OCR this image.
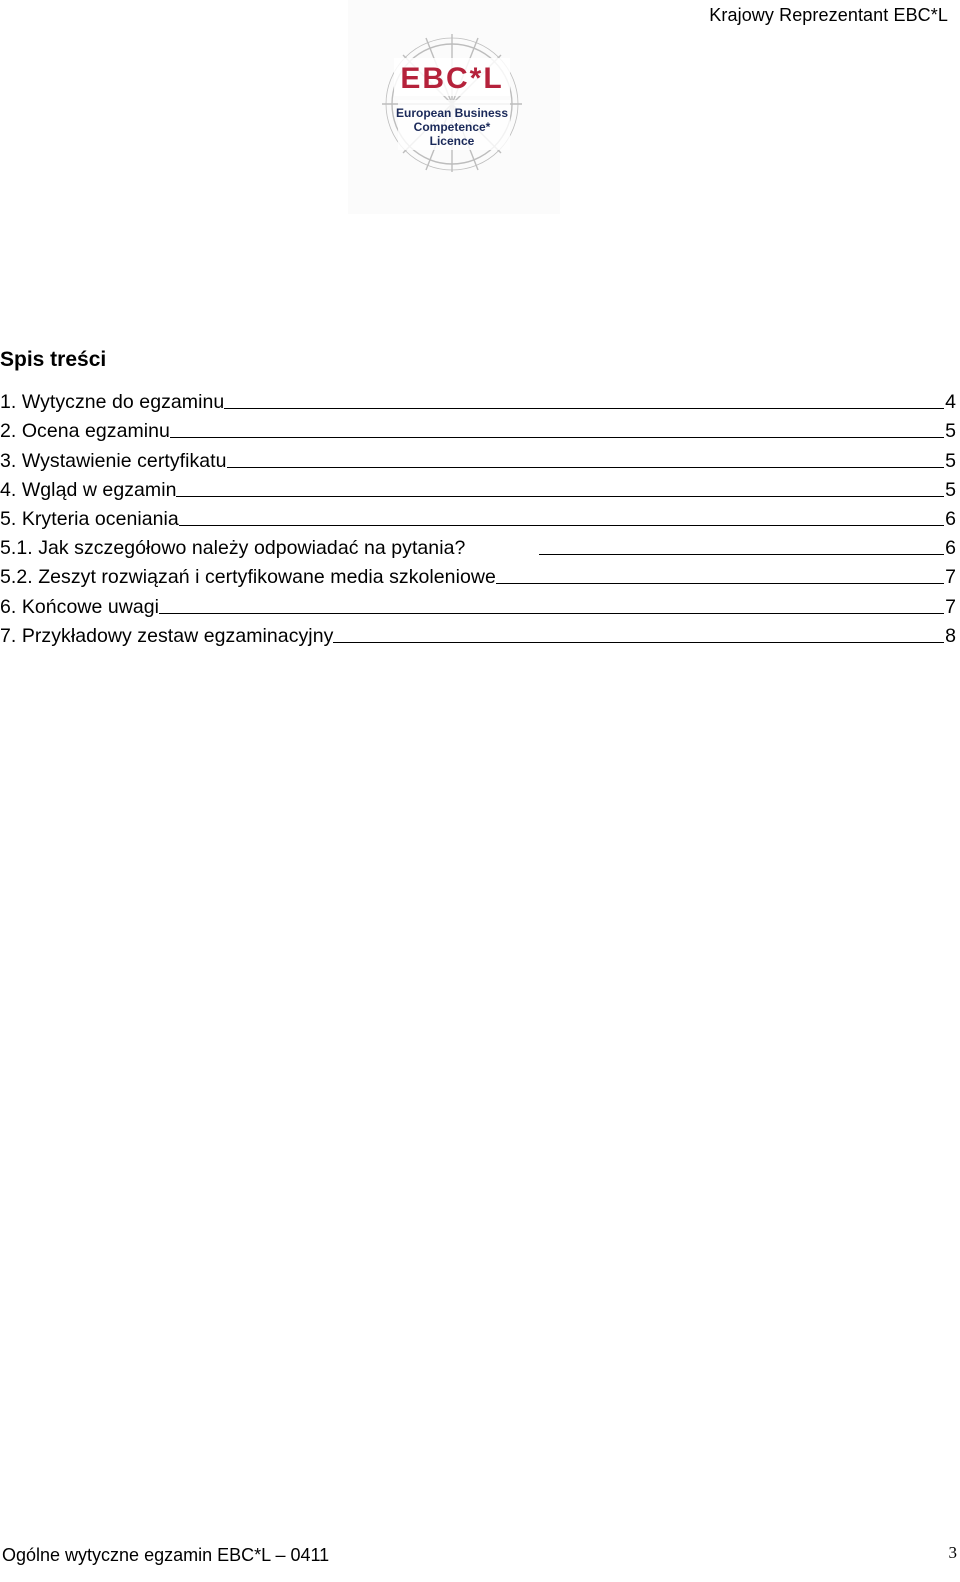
Krajowy Reprezentant EBC*L
EBC*L
European Business
Competence*
Licence
Spis treści
1. Wytyczne do egzaminu	4
2. Ocena egzaminu	5
3. Wystawienie certyfikatu	5
4. Wgląd w egzamin	5
5. Kryteria oceniania	6
5.1. Jak szczegółowo należy odpowiadać na pytania?	6
5.2. Zeszyt rozwiązań i certyfikowane media szkoleniowe	7
6. Końcowe uwagi	7
7. Przykładowy zestaw egzaminacyjny	8
Ogólne wytyczne egzamin EBC*L – 0411	3
